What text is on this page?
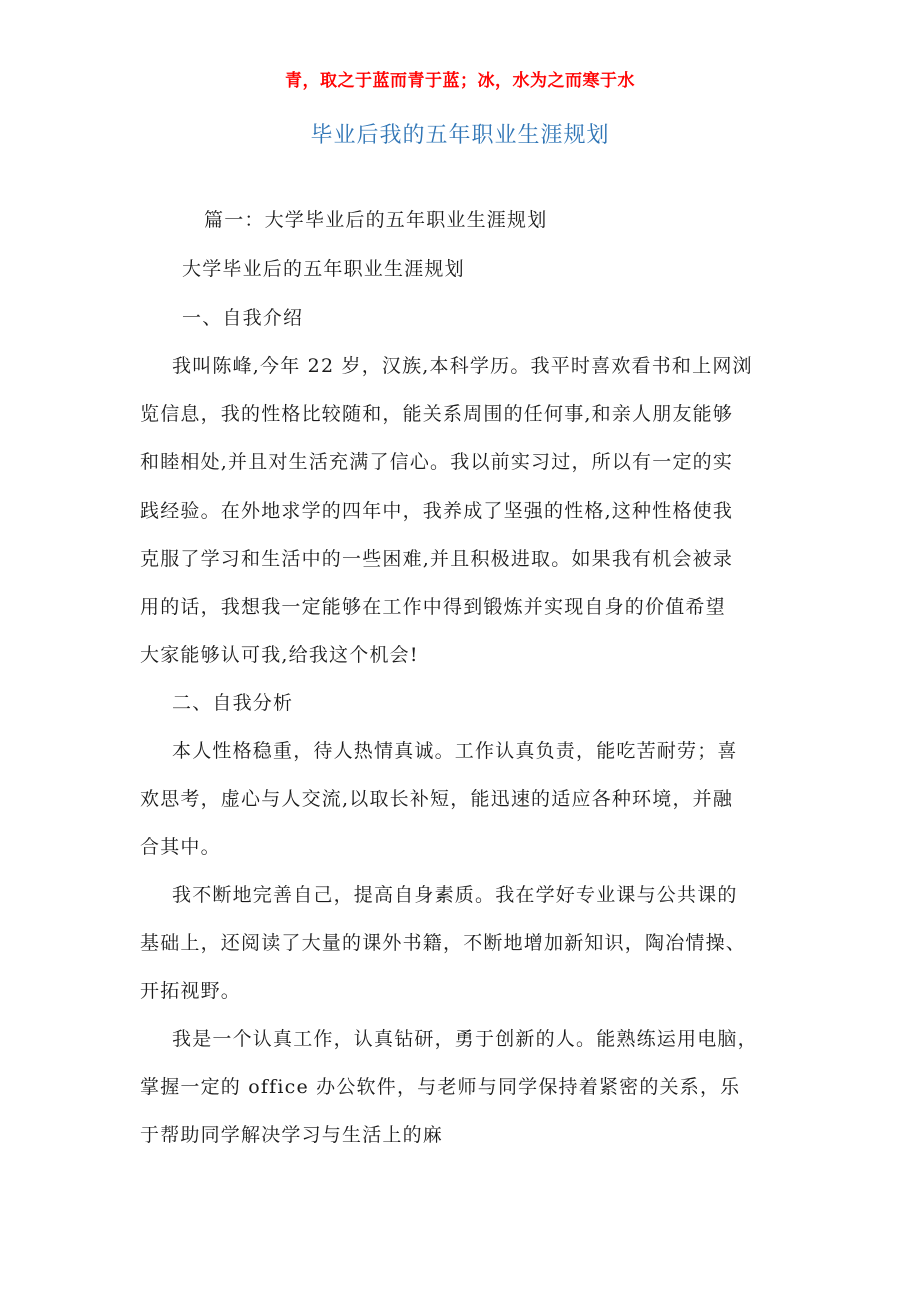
青，取之于蓝而青于蓝；冰，水为之而寒于水
毕业后我的五年职业生涯规划
篇一：大学毕业后的五年职业生涯规划
大学毕业后的五年职业生涯规划
一、自我介绍
我叫陈峰,今年 22 岁，汉族,本科学历。我平时喜欢看书和上网浏
览信息，我的性格比较随和，能关系周围的任何事,和亲人朋友能够
和睦相处,并且对生活充满了信心。我以前实习过，所以有一定的实
践经验。在外地求学的四年中，我养成了坚强的性格,这种性格使我
克服了学习和生活中的一些困难,并且积极进取。如果我有机会被录
用的话，我想我一定能够在工作中得到锻炼并实现自身的价值希望
大家能够认可我,给我这个机会!
二、自我分析
本人性格稳重，待人热情真诚。工作认真负责，能吃苦耐劳；喜
欢思考，虚心与人交流,以取长补短，能迅速的适应各种环境，并融
合其中。
我不断地完善自己，提高自身素质。我在学好专业课与公共课的
基础上，还阅读了大量的课外书籍，不断地增加新知识，陶冶情操、
开拓视野。
我是一个认真工作，认真钻研，勇于创新的人。能熟练运用电脑，
掌握一定的 office 办公软件，与老师与同学保持着紧密的关系，乐
于帮助同学解决学习与生活上的麻
